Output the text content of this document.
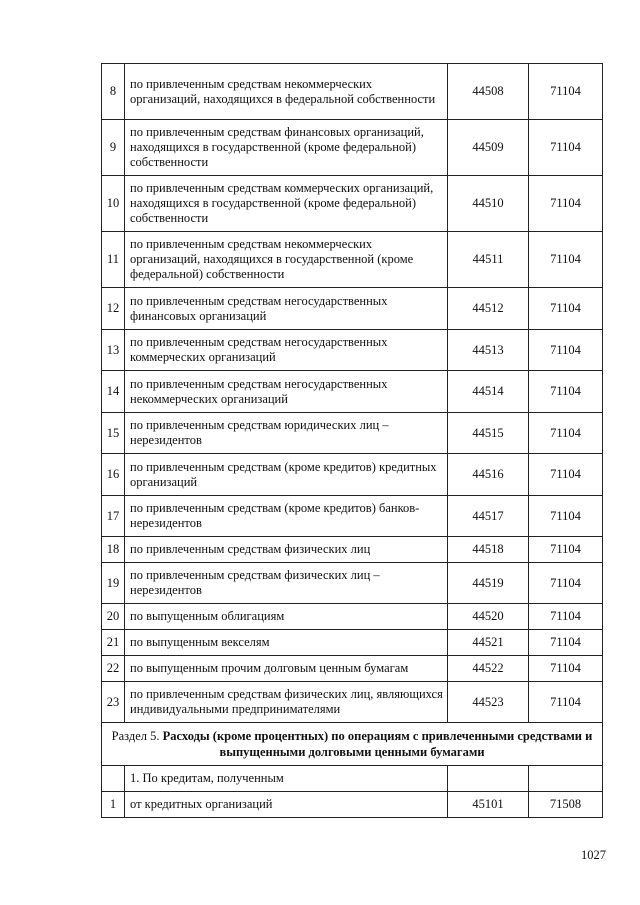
8	по привлеченным средствам некоммерческих организаций, находящихся в федеральной собственности	44508	71104
9	по привлеченным средствам финансовых организаций, находящихся в государственной (кроме федеральной) собственности	44509	71104
10	по привлеченным средствам коммерческих организаций, находящихся в государственной (кроме федеральной) собственности	44510	71104
11	по привлеченным средствам некоммерческих организаций, находящихся в государственной (кроме федеральной) собственности	44511	71104
12	по привлеченным средствам негосударственных финансовых организаций	44512	71104
13	по привлеченным средствам негосударственных коммерческих организаций	44513	71104
14	по привлеченным средствам негосударственных некоммерческих организаций	44514	71104
15	по привлеченным средствам юридических лиц – нерезидентов	44515	71104
16	по привлеченным средствам (кроме кредитов) кредитных организаций	44516	71104
17	по привлеченным средствам (кроме кредитов) банков-нерезидентов	44517	71104
18	по привлеченным средствам физических лиц	44518	71104
19	по привлеченным средствам физических лиц – нерезидентов	44519	71104
20	по выпущенным облигациям	44520	71104
21	по выпущенным векселям	44521	71104
22	по выпущенным прочим долговым ценным бумагам	44522	71104
23	по привлеченным средствам физических лиц, являющихся индивидуальными предпринимателями	44523	71104
Раздел 5. Расходы (кроме процентных) по операциям с привлеченными средствами и выпущенными долговыми ценными бумагами			
	1. По кредитам, полученным		
1	от кредитных организаций	45101	71508
1027
